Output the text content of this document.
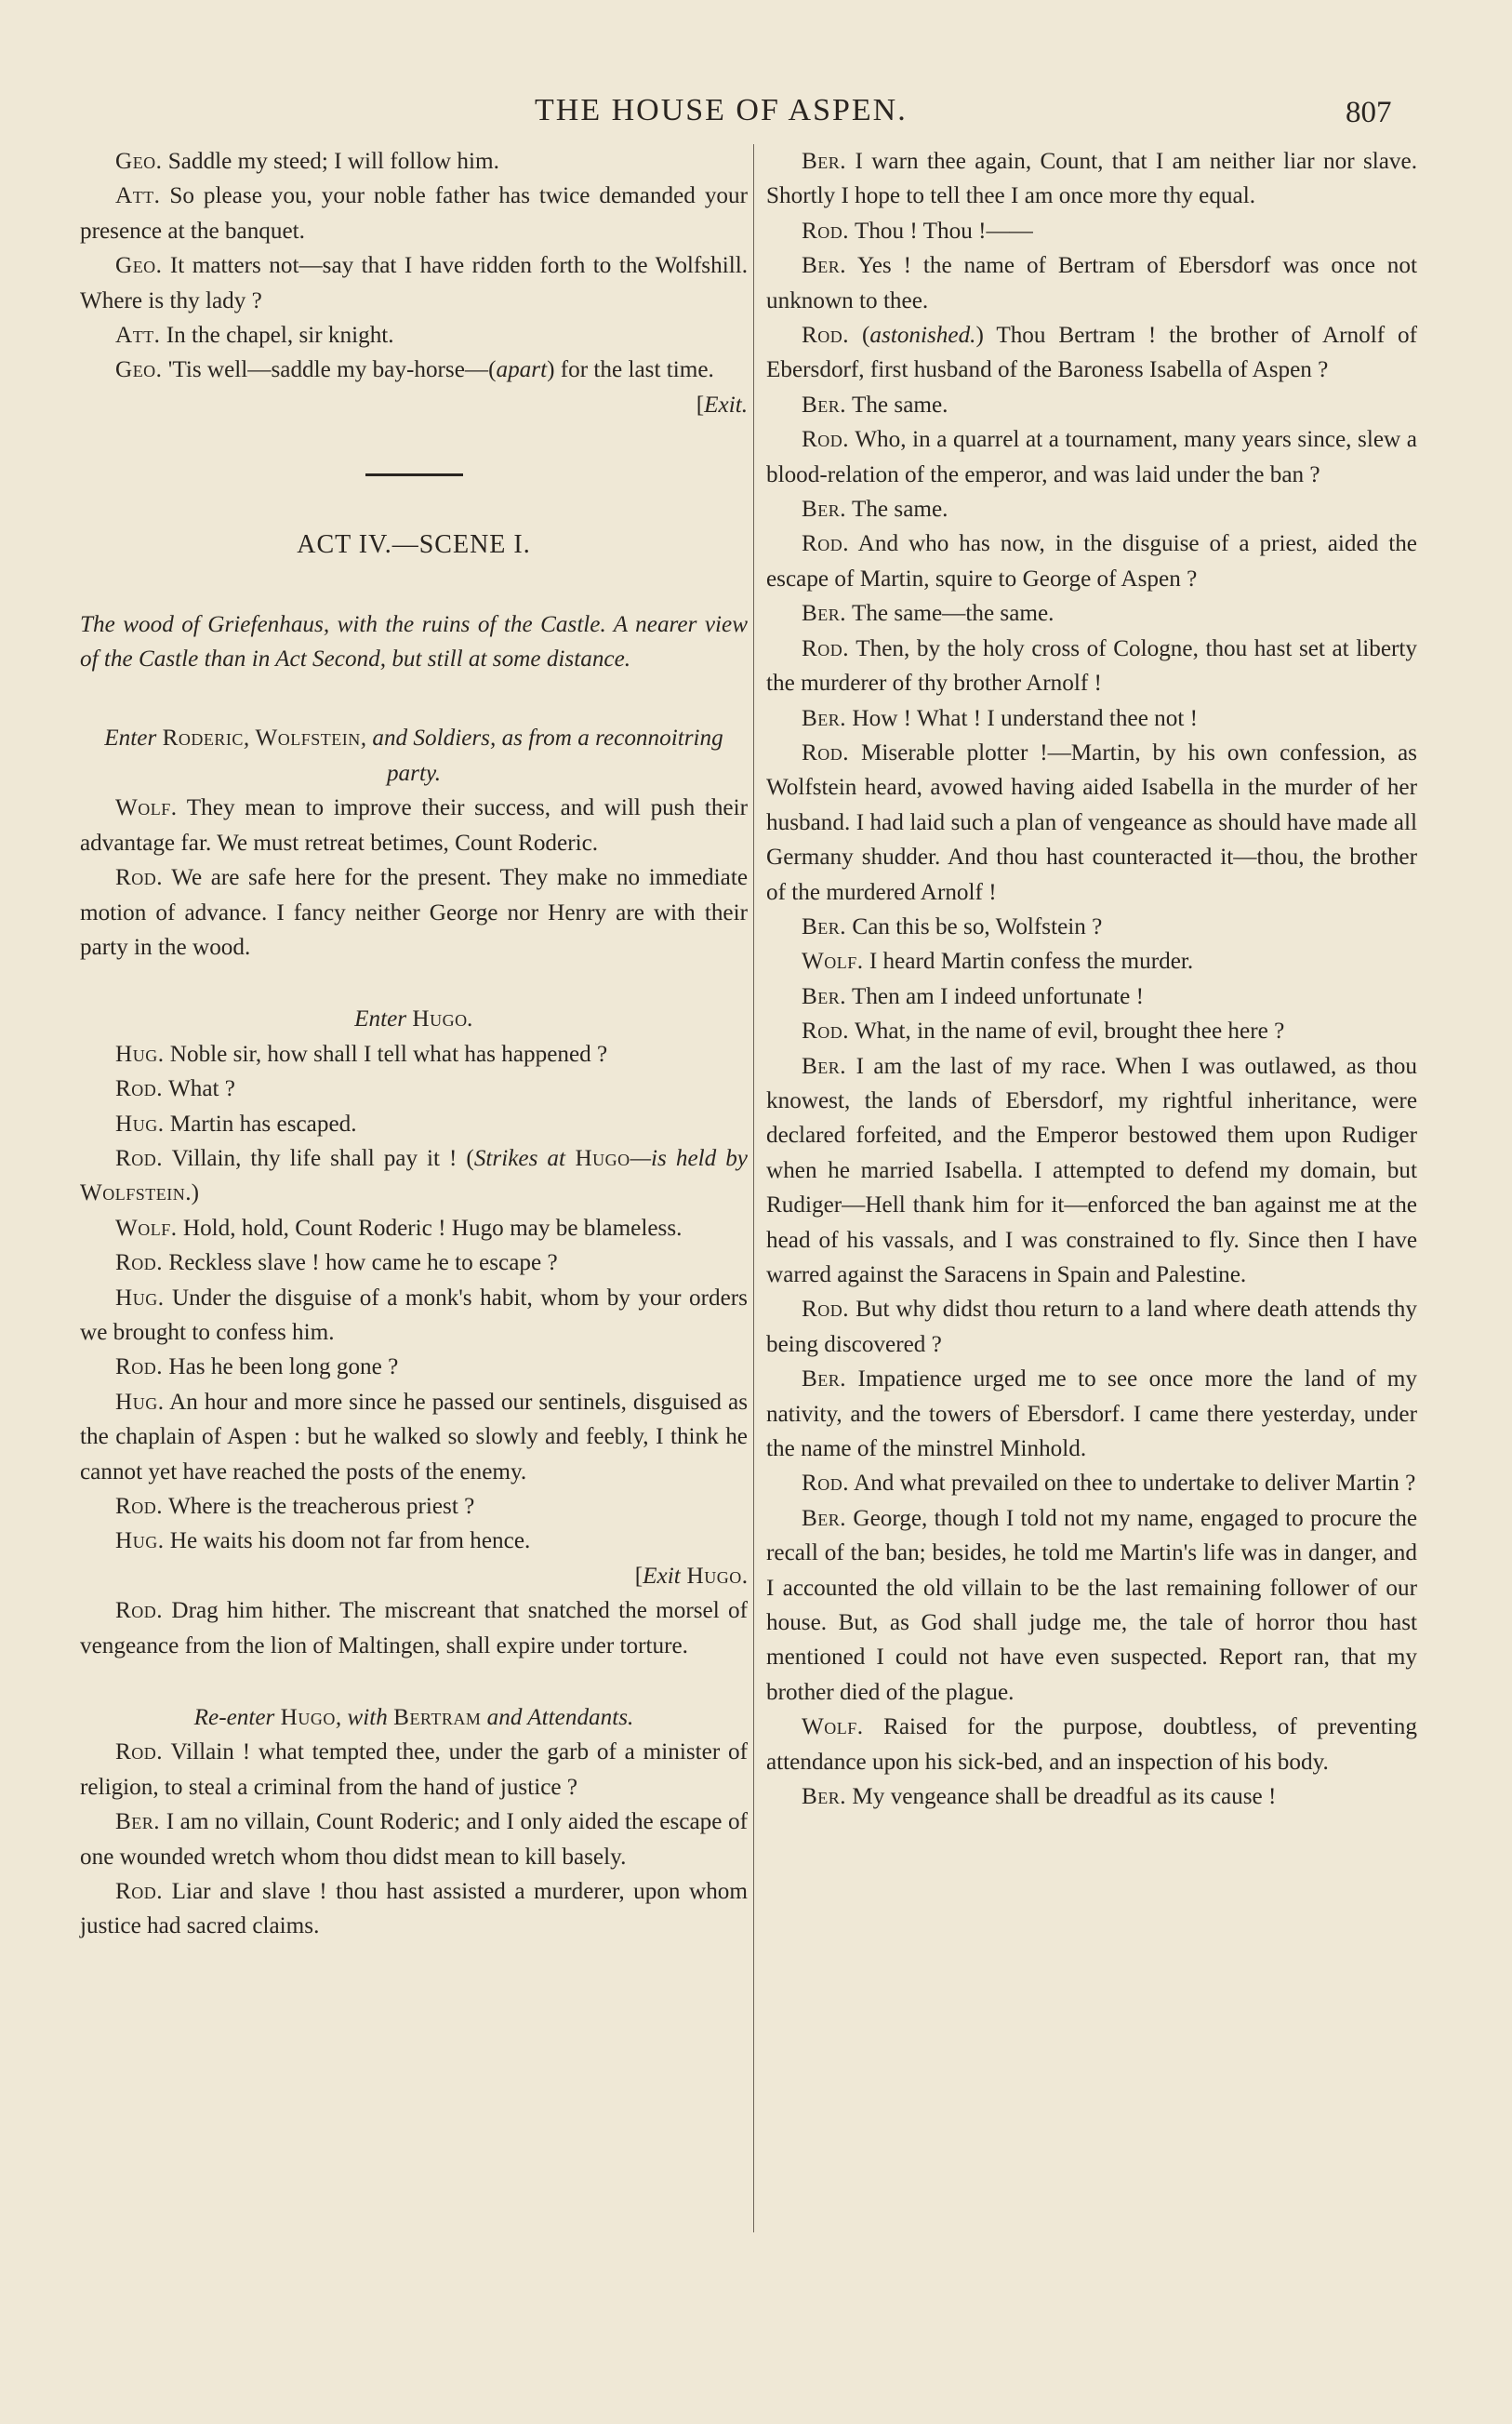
THE HOUSE OF ASPEN.	807

Geo. Saddle my steed; I will follow him.

Att. So please you, your noble father has twice demanded your presence at the banquet.

Geo. It matters not—say that I have ridden forth to the Wolfshill. Where is thy lady ?

Att. In the chapel, sir knight.

Geo. 'Tis well—saddle my bay-horse—(apart) for the last time.

[Exit.

ACT IV.—SCENE I.

The wood of Griefenhaus, with the ruins of the Castle. A nearer view of the Castle than in Act Second, but still at some distance.

Enter Roderic, Wolfstein, and Soldiers, as from a reconnoitring party.

Wolf. They mean to improve their success, and will push their advantage far. We must retreat betimes, Count Roderic.

Rod. We are safe here for the present. They make no immediate motion of advance. I fancy neither George nor Henry are with their party in the wood.

Enter Hugo.

Hug. Noble sir, how shall I tell what has happened ?

Rod. What ?

Hug. Martin has escaped.

Rod. Villain, thy life shall pay it ! (Strikes at Hugo—is held by Wolfstein.)

Wolf. Hold, hold, Count Roderic ! Hugo may be blameless.

Rod. Reckless slave ! how came he to escape ?

Hug. Under the disguise of a monk's habit, whom by your orders we brought to confess him.

Rod. Has he been long gone ?

Hug. An hour and more since he passed our sentinels, disguised as the chaplain of Aspen : but he walked so slowly and feebly, I think he cannot yet have reached the posts of the enemy.

Rod. Where is the treacherous priest ?

Hug. He waits his doom not far from hence.

[Exit Hugo.

Rod. Drag him hither. The miscreant that snatched the morsel of vengeance from the lion of Maltingen, shall expire under torture.

Re-enter Hugo, with Bertram and Attendants.

Rod. Villain ! what tempted thee, under the garb of a minister of religion, to steal a criminal from the hand of justice ?

Ber. I am no villain, Count Roderic; and I only aided the escape of one wounded wretch whom thou didst mean to kill basely.

Rod. Liar and slave ! thou hast assisted a murderer, upon whom justice had sacred claims.

Ber. I warn thee again, Count, that I am neither liar nor slave. Shortly I hope to tell thee I am once more thy equal.

Rod. Thou ! Thou !——

Ber. Yes ! the name of Bertram of Ebersdorf was once not unknown to thee.

Rod. (astonished.) Thou Bertram ! the brother of Arnolf of Ebersdorf, first husband of the Baroness Isabella of Aspen ?

Ber. The same.

Rod. Who, in a quarrel at a tournament, many years since, slew a blood-relation of the emperor, and was laid under the ban ?

Ber. The same.

Rod. And who has now, in the disguise of a priest, aided the escape of Martin, squire to George of Aspen ?

Ber. The same—the same.

Rod. Then, by the holy cross of Cologne, thou hast set at liberty the murderer of thy brother Arnolf !

Ber. How ! What ! I understand thee not !

Rod. Miserable plotter !—Martin, by his own confession, as Wolfstein heard, avowed having aided Isabella in the murder of her husband. I had laid such a plan of vengeance as should have made all Germany shudder. And thou hast counteracted it—thou, the brother of the murdered Arnolf !

Ber. Can this be so, Wolfstein ?

Wolf. I heard Martin confess the murder.

Ber. Then am I indeed unfortunate !

Rod. What, in the name of evil, brought thee here ?

Ber. I am the last of my race. When I was outlawed, as thou knowest, the lands of Ebersdorf, my rightful inheritance, were declared forfeited, and the Emperor bestowed them upon Rudiger when he married Isabella. I attempted to defend my domain, but Rudiger—Hell thank him for it—enforced the ban against me at the head of his vassals, and I was constrained to fly. Since then I have warred against the Saracens in Spain and Palestine.

Rod. But why didst thou return to a land where death attends thy being discovered ?

Ber. Impatience urged me to see once more the land of my nativity, and the towers of Ebersdorf. I came there yesterday, under the name of the minstrel Minhold.

Rod. And what prevailed on thee to undertake to deliver Martin ?

Ber. George, though I told not my name, engaged to procure the recall of the ban; besides, he told me Martin's life was in danger, and I accounted the old villain to be the last remaining follower of our house. But, as God shall judge me, the tale of horror thou hast mentioned I could not have even suspected. Report ran, that my brother died of the plague.

Wolf. Raised for the purpose, doubtless, of preventing attendance upon his sick-bed, and an inspection of his body.

Ber. My vengeance shall be dreadful as its cause !
